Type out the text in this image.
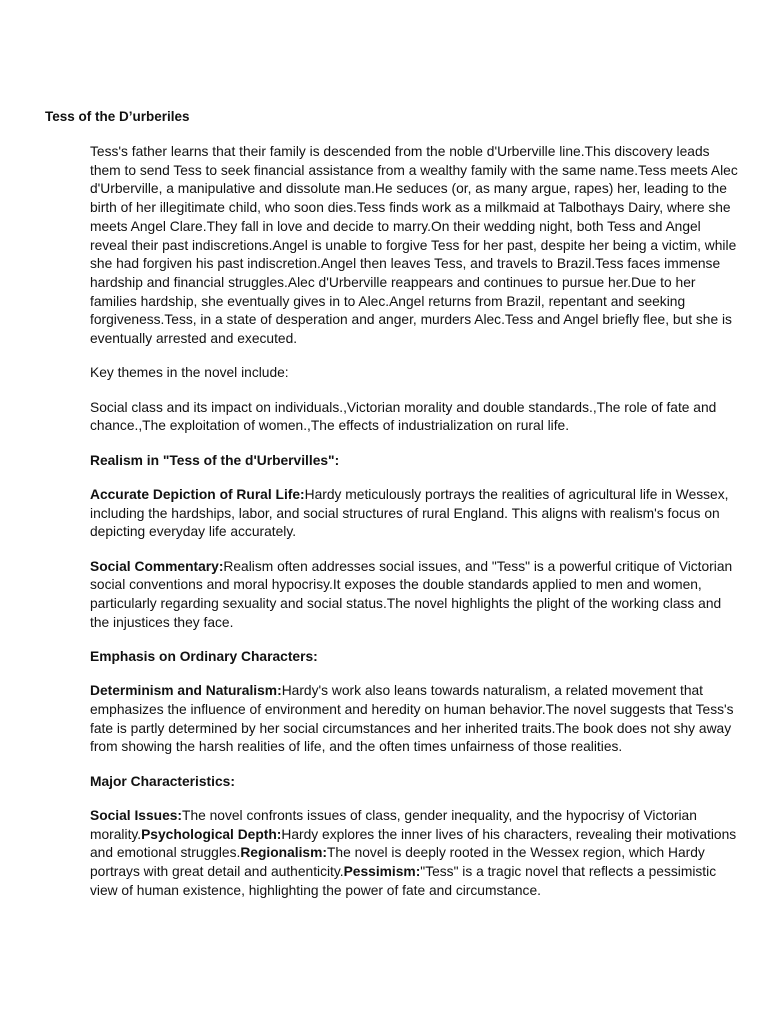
Tess of the D’urberiles

Tess's father learns that their family is descended from the noble d'Urberville line.This discovery leads them to send Tess to seek financial assistance from a wealthy family with the same name.Tess meets Alec d'Urberville, a manipulative and dissolute man.He seduces (or, as many argue, rapes) her, leading to the birth of her illegitimate child, who soon dies.Tess finds work as a milkmaid at Talbothays Dairy, where she meets Angel Clare.They fall in love and decide to marry.On their wedding night, both Tess and Angel reveal their past indiscretions.Angel is unable to forgive Tess for her past, despite her being a victim, while she had forgiven his past indiscretion.Angel then leaves Tess, and travels to Brazil.Tess faces immense hardship and financial struggles.Alec d'Urberville reappears and continues to pursue her.Due to her families hardship, she eventually gives in to Alec.Angel returns from Brazil, repentant and seeking forgiveness.Tess, in a state of desperation and anger, murders Alec.Tess and Angel briefly flee, but she is eventually arrested and executed.

Key themes in the novel include:

Social class and its impact on individuals.,Victorian morality and double standards.,The role of fate and chance.,The exploitation of women.,The effects of industrialization on rural life.

Realism in "Tess of the d'Urbervilles":

Accurate Depiction of Rural Life:Hardy meticulously portrays the realities of agricultural life in Wessex, including the hardships, labor, and social structures of rural England. This aligns with realism's focus on depicting everyday life accurately.

Social Commentary:Realism often addresses social issues, and "Tess" is a powerful critique of Victorian social conventions and moral hypocrisy.It exposes the double standards applied to men and women, particularly regarding sexuality and social status.The novel highlights the plight of the working class and the injustices they face.

Emphasis on Ordinary Characters:

Determinism and Naturalism:Hardy's work also leans towards naturalism, a related movement that emphasizes the influence of environment and heredity on human behavior.The novel suggests that Tess's fate is partly determined by her social circumstances and her inherited traits.The book does not shy away from showing the harsh realities of life, and the often times unfairness of those realities.

Major Characteristics:

Social Issues:The novel confronts issues of class, gender inequality, and the hypocrisy of Victorian morality.Psychological Depth:Hardy explores the inner lives of his characters, revealing their motivations and emotional struggles.Regionalism:The novel is deeply rooted in the Wessex region, which Hardy portrays with great detail and authenticity.Pessimism:"Tess" is a tragic novel that reflects a pessimistic view of human existence, highlighting the power of fate and circumstance.
